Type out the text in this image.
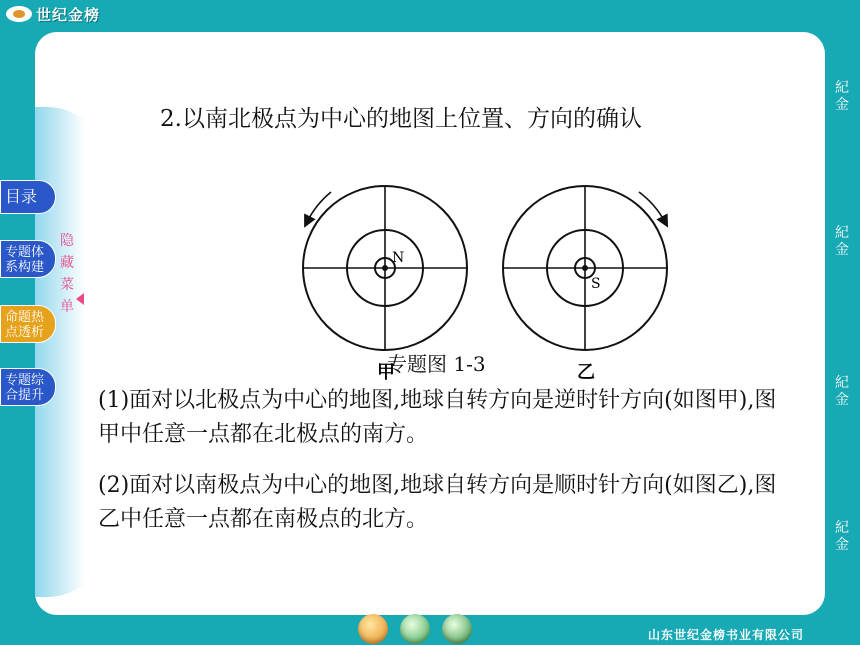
世纪金榜
2.以南北极点为中心的地图上位置、方向的确认
N
甲
S
乙
专题图 1-3
(1)面对以北极点为中心的地图,地球自转方向是逆时针方向(如图甲),图甲中任意一点都在北极点的南方。
(2)面对以南极点为中心的地图,地球自转方向是顺时针方向(如图乙),图乙中任意一点都在南极点的北方。
目录
专题体系构建
命题热点透析
专题综合提升
隐
藏
菜
单
紀
金
紀
金
紀
金
紀
金
山东世纪金榜书业有限公司
